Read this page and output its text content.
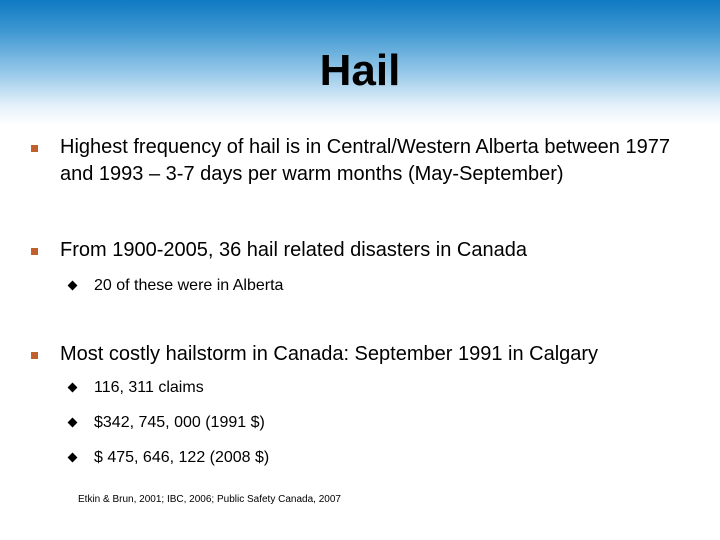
Hail
Highest frequency of hail is in Central/Western Alberta between 1977 and 1993 – 3-7 days per warm months (May-September)
From 1900-2005, 36 hail related disasters in Canada
20 of these were in Alberta
Most costly hailstorm in Canada: September 1991 in Calgary
116, 311 claims
$342, 745, 000 (1991 $)
$ 475, 646, 122 (2008 $)
Etkin & Brun, 2001; IBC, 2006; Public Safety Canada, 2007
